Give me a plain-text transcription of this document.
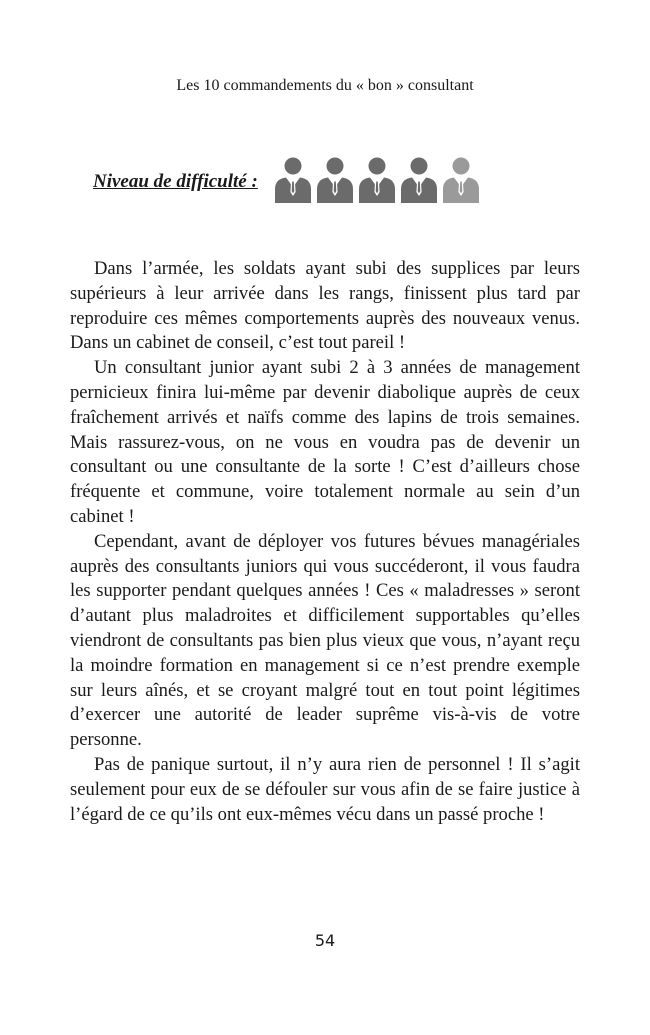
Les 10 commandements du « bon » consultant
Niveau de difficulté :

Dans l’armée, les soldats ayant subi des supplices par leurs supérieurs à leur arrivée dans les rangs, finissent plus tard par reproduire ces mêmes comportements auprès des nouveaux venus. Dans un cabinet de conseil, c’est tout pareil !

Un consultant junior ayant subi 2 à 3 années de management pernicieux finira lui-même par devenir diabolique auprès de ceux fraîchement arrivés et naïfs comme des lapins de trois semaines. Mais rassurez-vous, on ne vous en voudra pas de devenir un consultant ou une consultante de la sorte ! C’est d’ailleurs chose fréquente et commune, voire totalement normale au sein d’un cabinet !

Cependant, avant de déployer vos futures bévues managériales auprès des consultants juniors qui vous succéderont, il vous faudra les supporter pendant quelques années ! Ces « maladresses » seront d’autant plus maladroites et difficilement supportables qu’elles viendront de consultants pas bien plus vieux que vous, n’ayant reçu la moindre formation en management si ce n’est prendre exemple sur leurs aînés, et se croyant malgré tout en tout point légitimes d’exercer une autorité de leader suprême vis-à-vis de votre personne.

Pas de panique surtout, il n’y aura rien de personnel ! Il s’agit seulement pour eux de se défouler sur vous afin de se faire justice à l’égard de ce qu’ils ont eux-mêmes vécu dans un passé proche !

54
